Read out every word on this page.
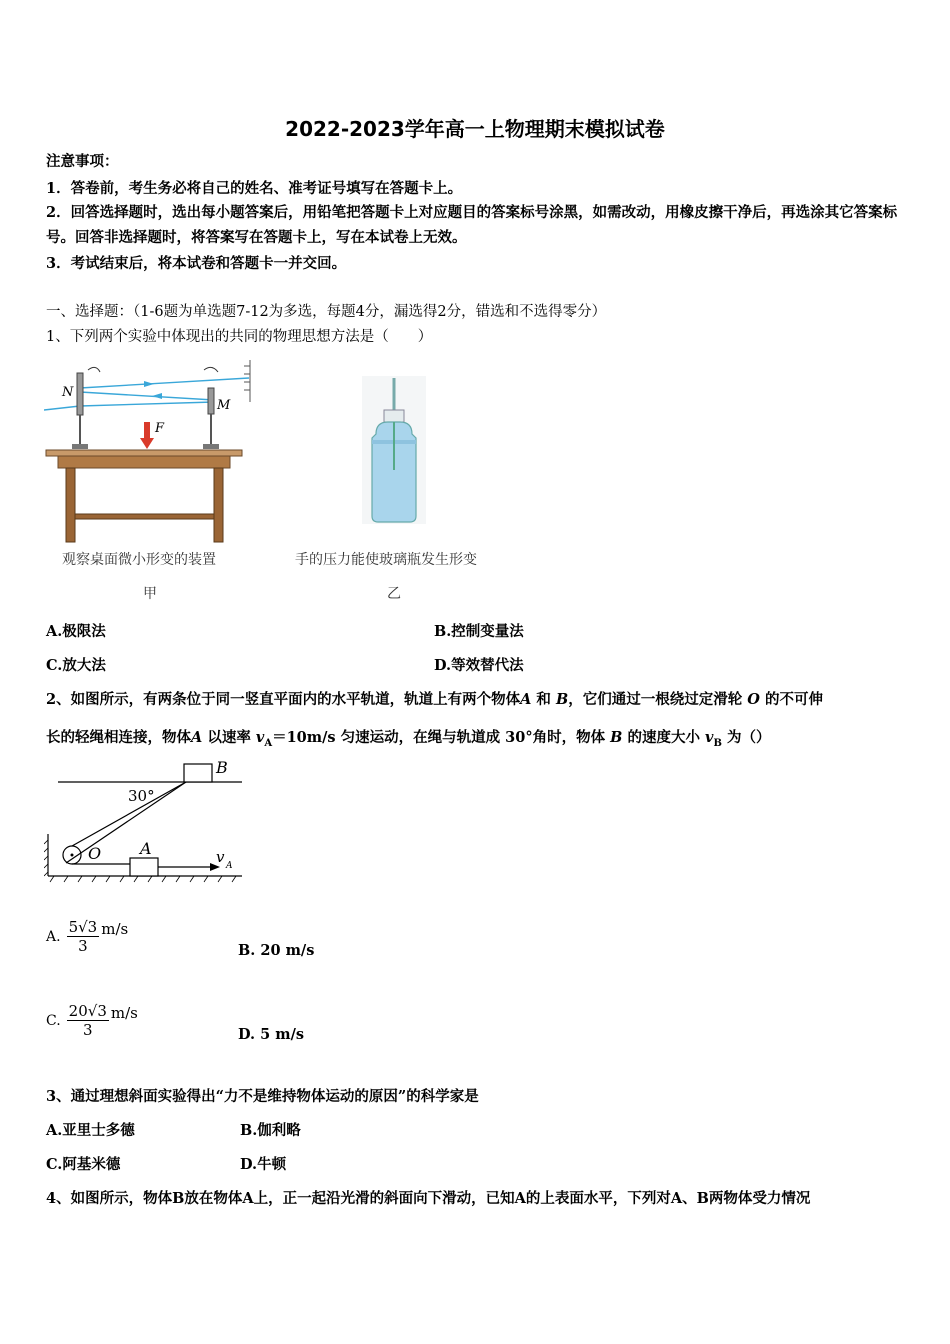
2022-2023学年高一上物理期末模拟试卷
注意事项：
1．答卷前，考生务必将自己的姓名、准考证号填写在答题卡上。
2．回答选择题时，选出每小题答案后，用铅笔把答题卡上对应题目的答案标号涂黑，如需改动，用橡皮擦干净后，再选涂其它答案标号。回答非选择题时，将答案写在答题卡上，写在本试卷上无效。
3．考试结束后，将本试卷和答题卡一并交回。
一、选择题：（1-6题为单选题7-12为多选，每题4分，漏选得2分，错选和不选得零分）
1、下列两个实验中体现出的共同的物理思想方法是（　　）
N
M
F
观察桌面微小形变的装置	手的压力能使玻璃瓶发生形变
甲	乙
A.极限法	B.控制变量法
C.放大法	D.等效替代法
2、如图所示，有两条位于同一竖直平面内的水平轨道，轨道上有两个物体A 和 B，它们通过一根绕过定滑轮 O 的不可伸
长的轻绳相连接，物体A 以速率 $v_A=10m/s$ 匀速运动，在绳与轨道成 30°角时，物体 B 的速度大小 $v_B$ 为（）
B
30°
O A	v A
A. $\frac{5√3}{3} m/s$
B. 20 m/s
C. $\frac{20√3}{3} m/s$
D. 5 m/s
3、通过理想斜面实验得出“力不是维持物体运动的原因”的科学家是
A.亚里士多德	B.伽利略
C.阿基米德	D.牛顿
4、如图所示，物体B放在物体A上，正一起沿光滑的斜面向下滑动，已知A的上表面水平，下列对A、B两物体受力情况
